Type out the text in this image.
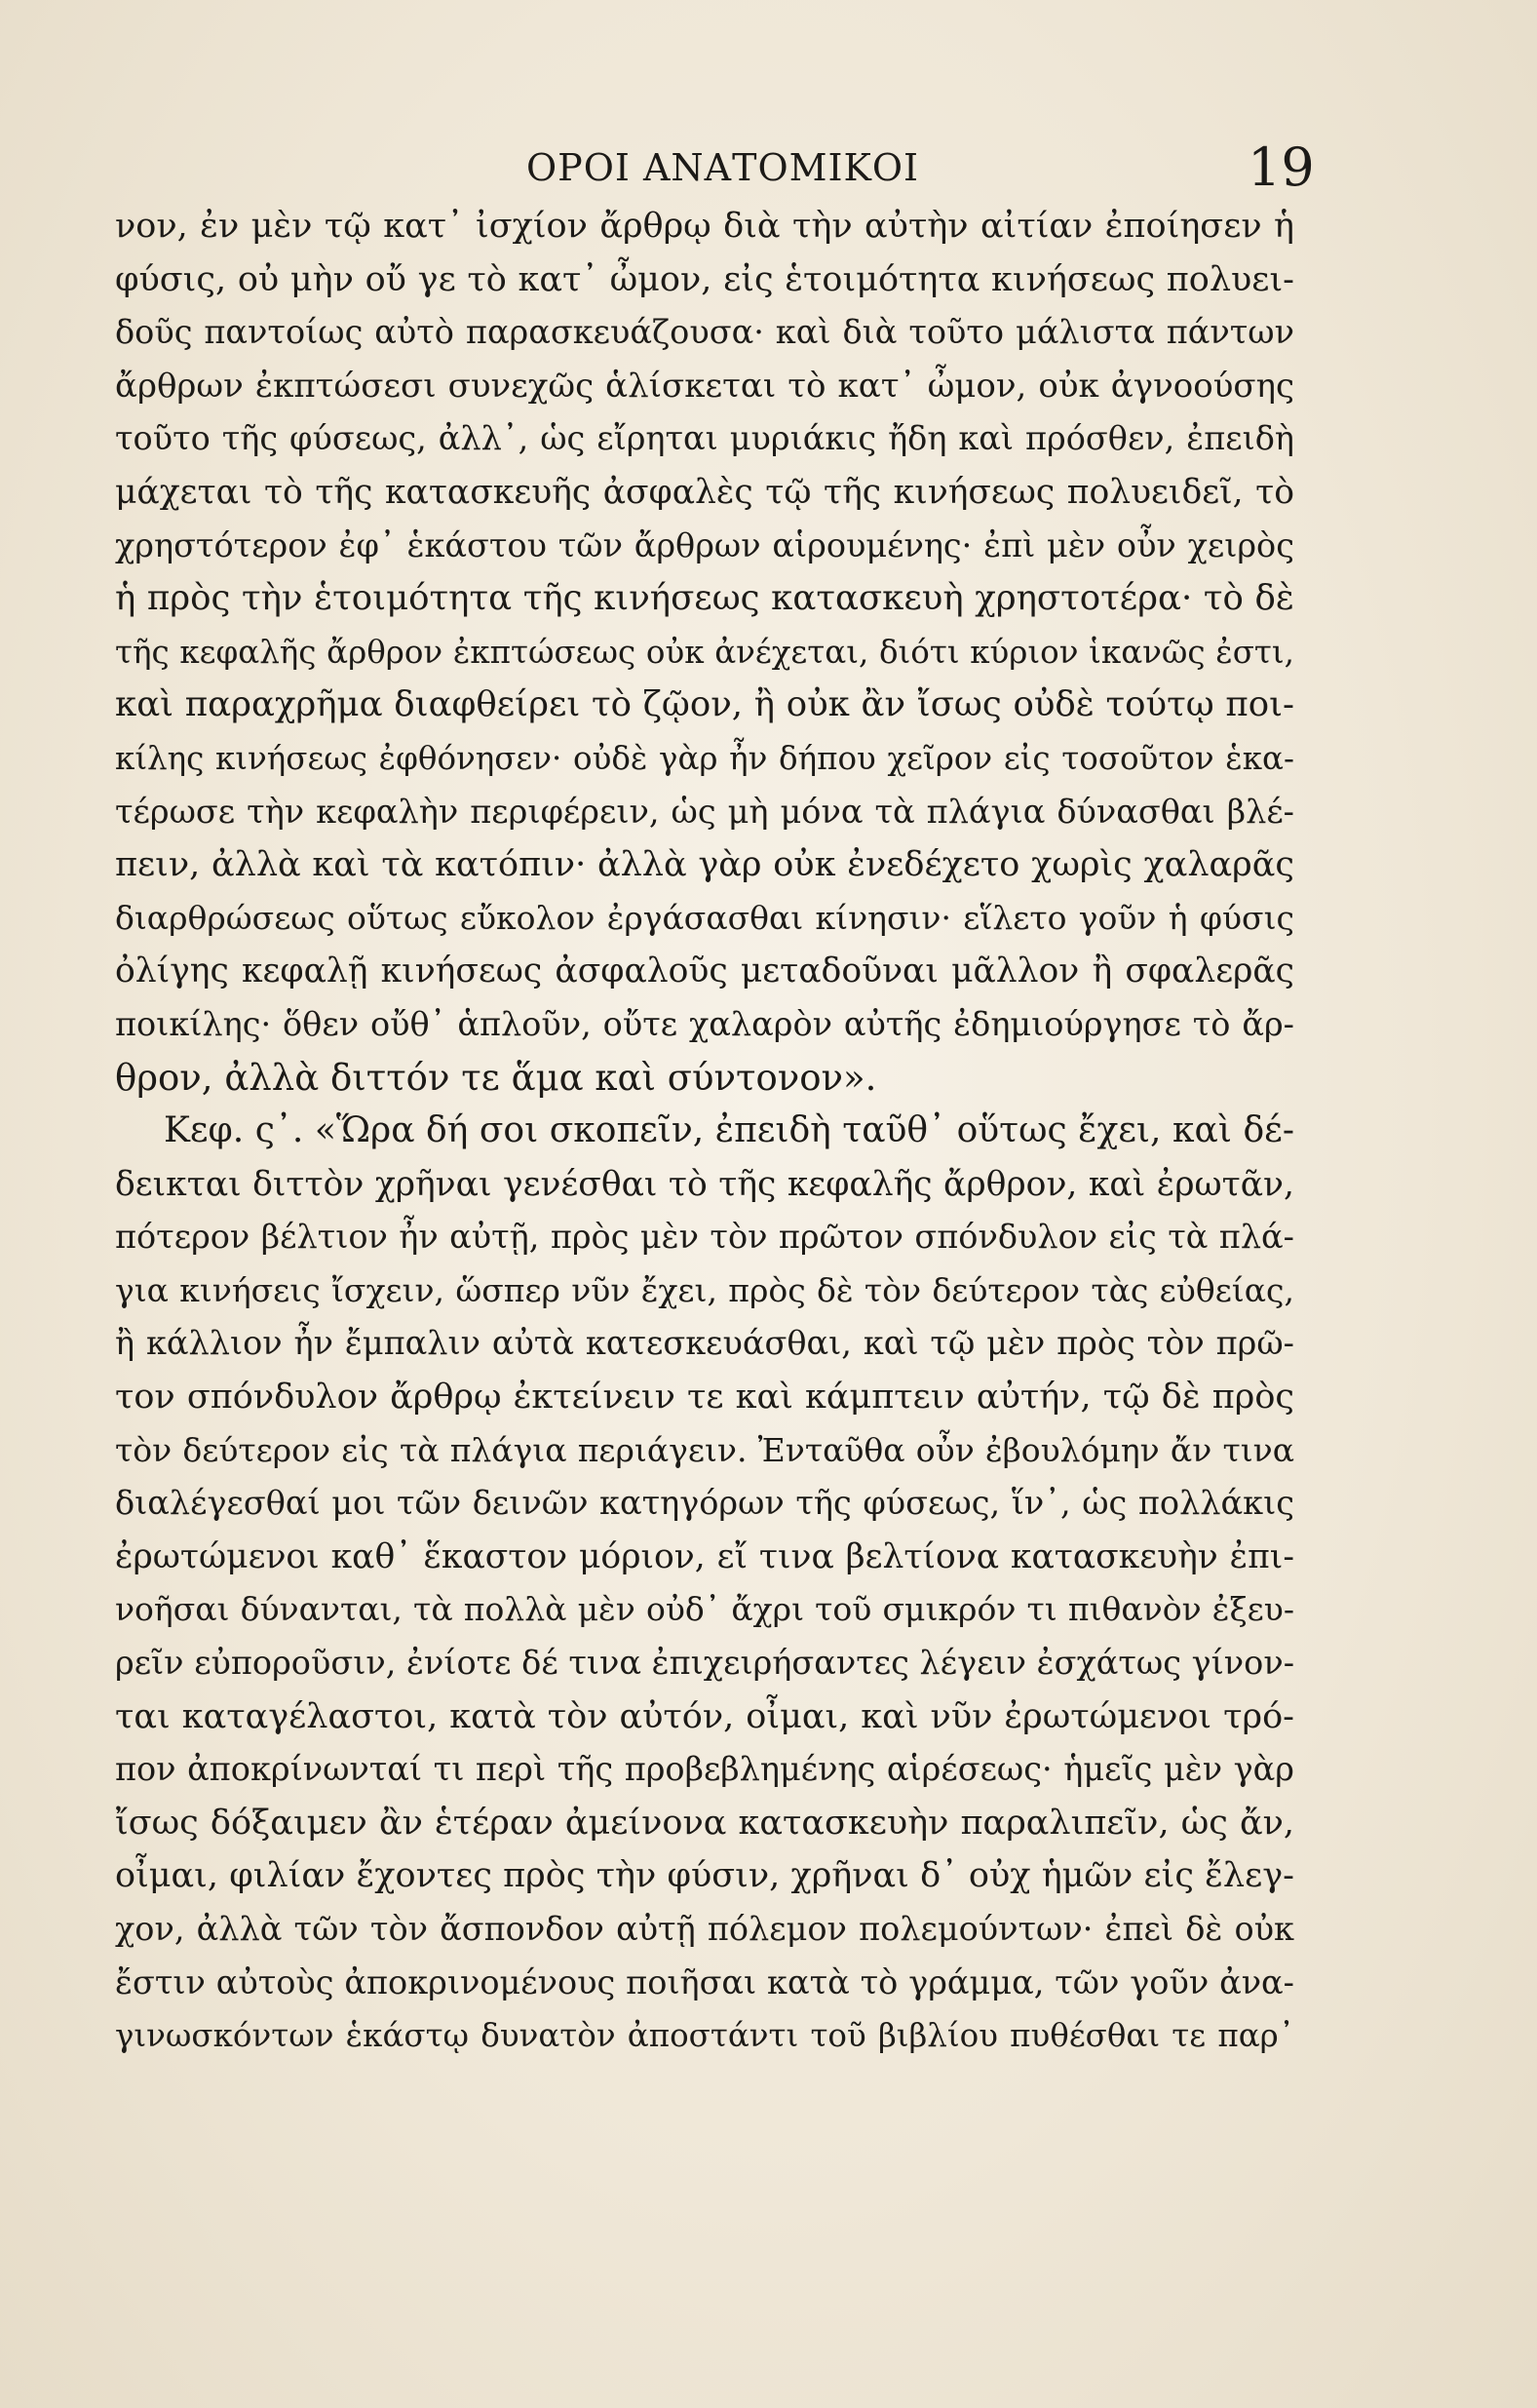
ΟΡΟΙ ΑΝΑΤΟΜΙΚΟΙ	19
νον, ἐν μὲν τῷ κατ᾽ ἰσχίον ἄρθρῳ διὰ τὴν αὐτὴν αἰτίαν ἐποίησεν ἡ
φύσις, οὐ μὴν οὔ γε τὸ κατ᾽ ὦμον, εἰς ἑτοιμότητα κινήσεως πολυει-
δοῦς παντοίως αὐτὸ παρασκευάζουσα· καὶ διὰ τοῦτο μάλιστα πάντων
ἄρθρων ἐκπτώσεσι συνεχῶς ἁλίσκεται τὸ κατ᾽ ὦμον, οὐκ ἀγνοούσης
τοῦτο τῆς φύσεως, ἀλλ᾽, ὡς εἴρηται μυριάκις ἤδη καὶ πρόσθεν, ἐπειδὴ
μάχεται τὸ τῆς κατασκευῆς ἀσφαλὲς τῷ τῆς κινήσεως πολυειδεῖ, τὸ
χρηστότερον ἐφ᾽ ἑκάστου τῶν ἄρθρων αἱρουμένης· ἐπὶ μὲν οὖν χειρὸς
ἡ πρὸς τὴν ἑτοιμότητα τῆς κινήσεως κατασκευὴ χρηστοτέρα· τὸ δὲ
τῆς κεφαλῆς ἄρθρον ἐκπτώσεως οὐκ ἀνέχεται, διότι κύριον ἱκανῶς ἐστι,
καὶ παραχρῆμα διαφθείρει τὸ ζῷον, ἢ οὐκ ἂν ἴσως οὐδὲ τούτῳ ποι-
κίλης κινήσεως ἐφθόνησεν· οὐδὲ γὰρ ἦν δήπου χεῖρον εἰς τοσοῦτον ἑκα-
τέρωσε τὴν κεφαλὴν περιφέρειν, ὡς μὴ μόνα τὰ πλάγια δύνασθαι βλέ-
πειν, ἀλλὰ καὶ τὰ κατόπιν· ἀλλὰ γὰρ οὐκ ἐνεδέχετο χωρὶς χαλαρᾶς
διαρθρώσεως οὕτως εὔκολον ἐργάσασθαι κίνησιν· εἵλετο γοῦν ἡ φύσις
ὀλίγης κεφαλῇ κινήσεως ἀσφαλοῦς μεταδοῦναι μᾶλλον ἢ σφαλερᾶς
ποικίλης· ὅθεν οὔθ᾽ ἁπλοῦν, οὔτε χαλαρὸν αὐτῆς ἐδημιούργησε τὸ ἄρ-
θρον, ἀλλὰ διττόν τε ἅμα καὶ σύντονον».
Κεφ. ς᾽. «Ὥρα δή σοι σκοπεῖν, ἐπειδὴ ταῦθ᾽ οὕτως ἔχει, καὶ δέ-
δεικται διττὸν χρῆναι γενέσθαι τὸ τῆς κεφαλῆς ἄρθρον, καὶ ἐρωτᾶν,
πότερον βέλτιον ἦν αὐτῇ, πρὸς μὲν τὸν πρῶτον σπόνδυλον εἰς τὰ πλά-
για κινήσεις ἴσχειν, ὥσπερ νῦν ἔχει, πρὸς δὲ τὸν δεύτερον τὰς εὐθείας,
ἢ κάλλιον ἦν ἔμπαλιν αὐτὰ κατεσκευάσθαι, καὶ τῷ μὲν πρὸς τὸν πρῶ-
τον σπόνδυλον ἄρθρῳ ἐκτείνειν τε καὶ κάμπτειν αὐτήν, τῷ δὲ πρὸς
τὸν δεύτερον εἰς τὰ πλάγια περιάγειν. Ἐνταῦθα οὖν ἐβουλόμην ἄν τινα
διαλέγεσθαί μοι τῶν δεινῶν κατηγόρων τῆς φύσεως, ἵν᾽, ὡς πολλάκις
ἐρωτώμενοι καθ᾽ ἕκαστον μόριον, εἴ τινα βελτίονα κατασκευὴν ἐπι-
νοῆσαι δύνανται, τὰ πολλὰ μὲν οὐδ᾽ ἄχρι τοῦ σμικρόν τι πιθανὸν ἐξευ-
ρεῖν εὐποροῦσιν, ἐνίοτε δέ τινα ἐπιχειρήσαντες λέγειν ἐσχάτως γίνον-
ται καταγέλαστοι, κατὰ τὸν αὐτόν, οἶμαι, καὶ νῦν ἐρωτώμενοι τρό-
πον ἀποκρίνωνταί τι περὶ τῆς προβεβλημένης αἱρέσεως· ἡμεῖς μὲν γὰρ
ἴσως δόξαιμεν ἂν ἑτέραν ἀμείνονα κατασκευὴν παραλιπεῖν, ὡς ἄν,
οἶμαι, φιλίαν ἔχοντες πρὸς τὴν φύσιν, χρῆναι δ᾽ οὐχ ἡμῶν εἰς ἔλεγ-
χον, ἀλλὰ τῶν τὸν ἄσπονδον αὐτῇ πόλεμον πολεμούντων· ἐπεὶ δὲ οὐκ
ἔστιν αὐτοὺς ἀποκρινομένους ποιῆσαι κατὰ τὸ γράμμα, τῶν γοῦν ἀνα-
γινωσκόντων ἑκάστῳ δυνατὸν ἀποστάντι τοῦ βιβλίου πυθέσθαι τε παρ᾽
